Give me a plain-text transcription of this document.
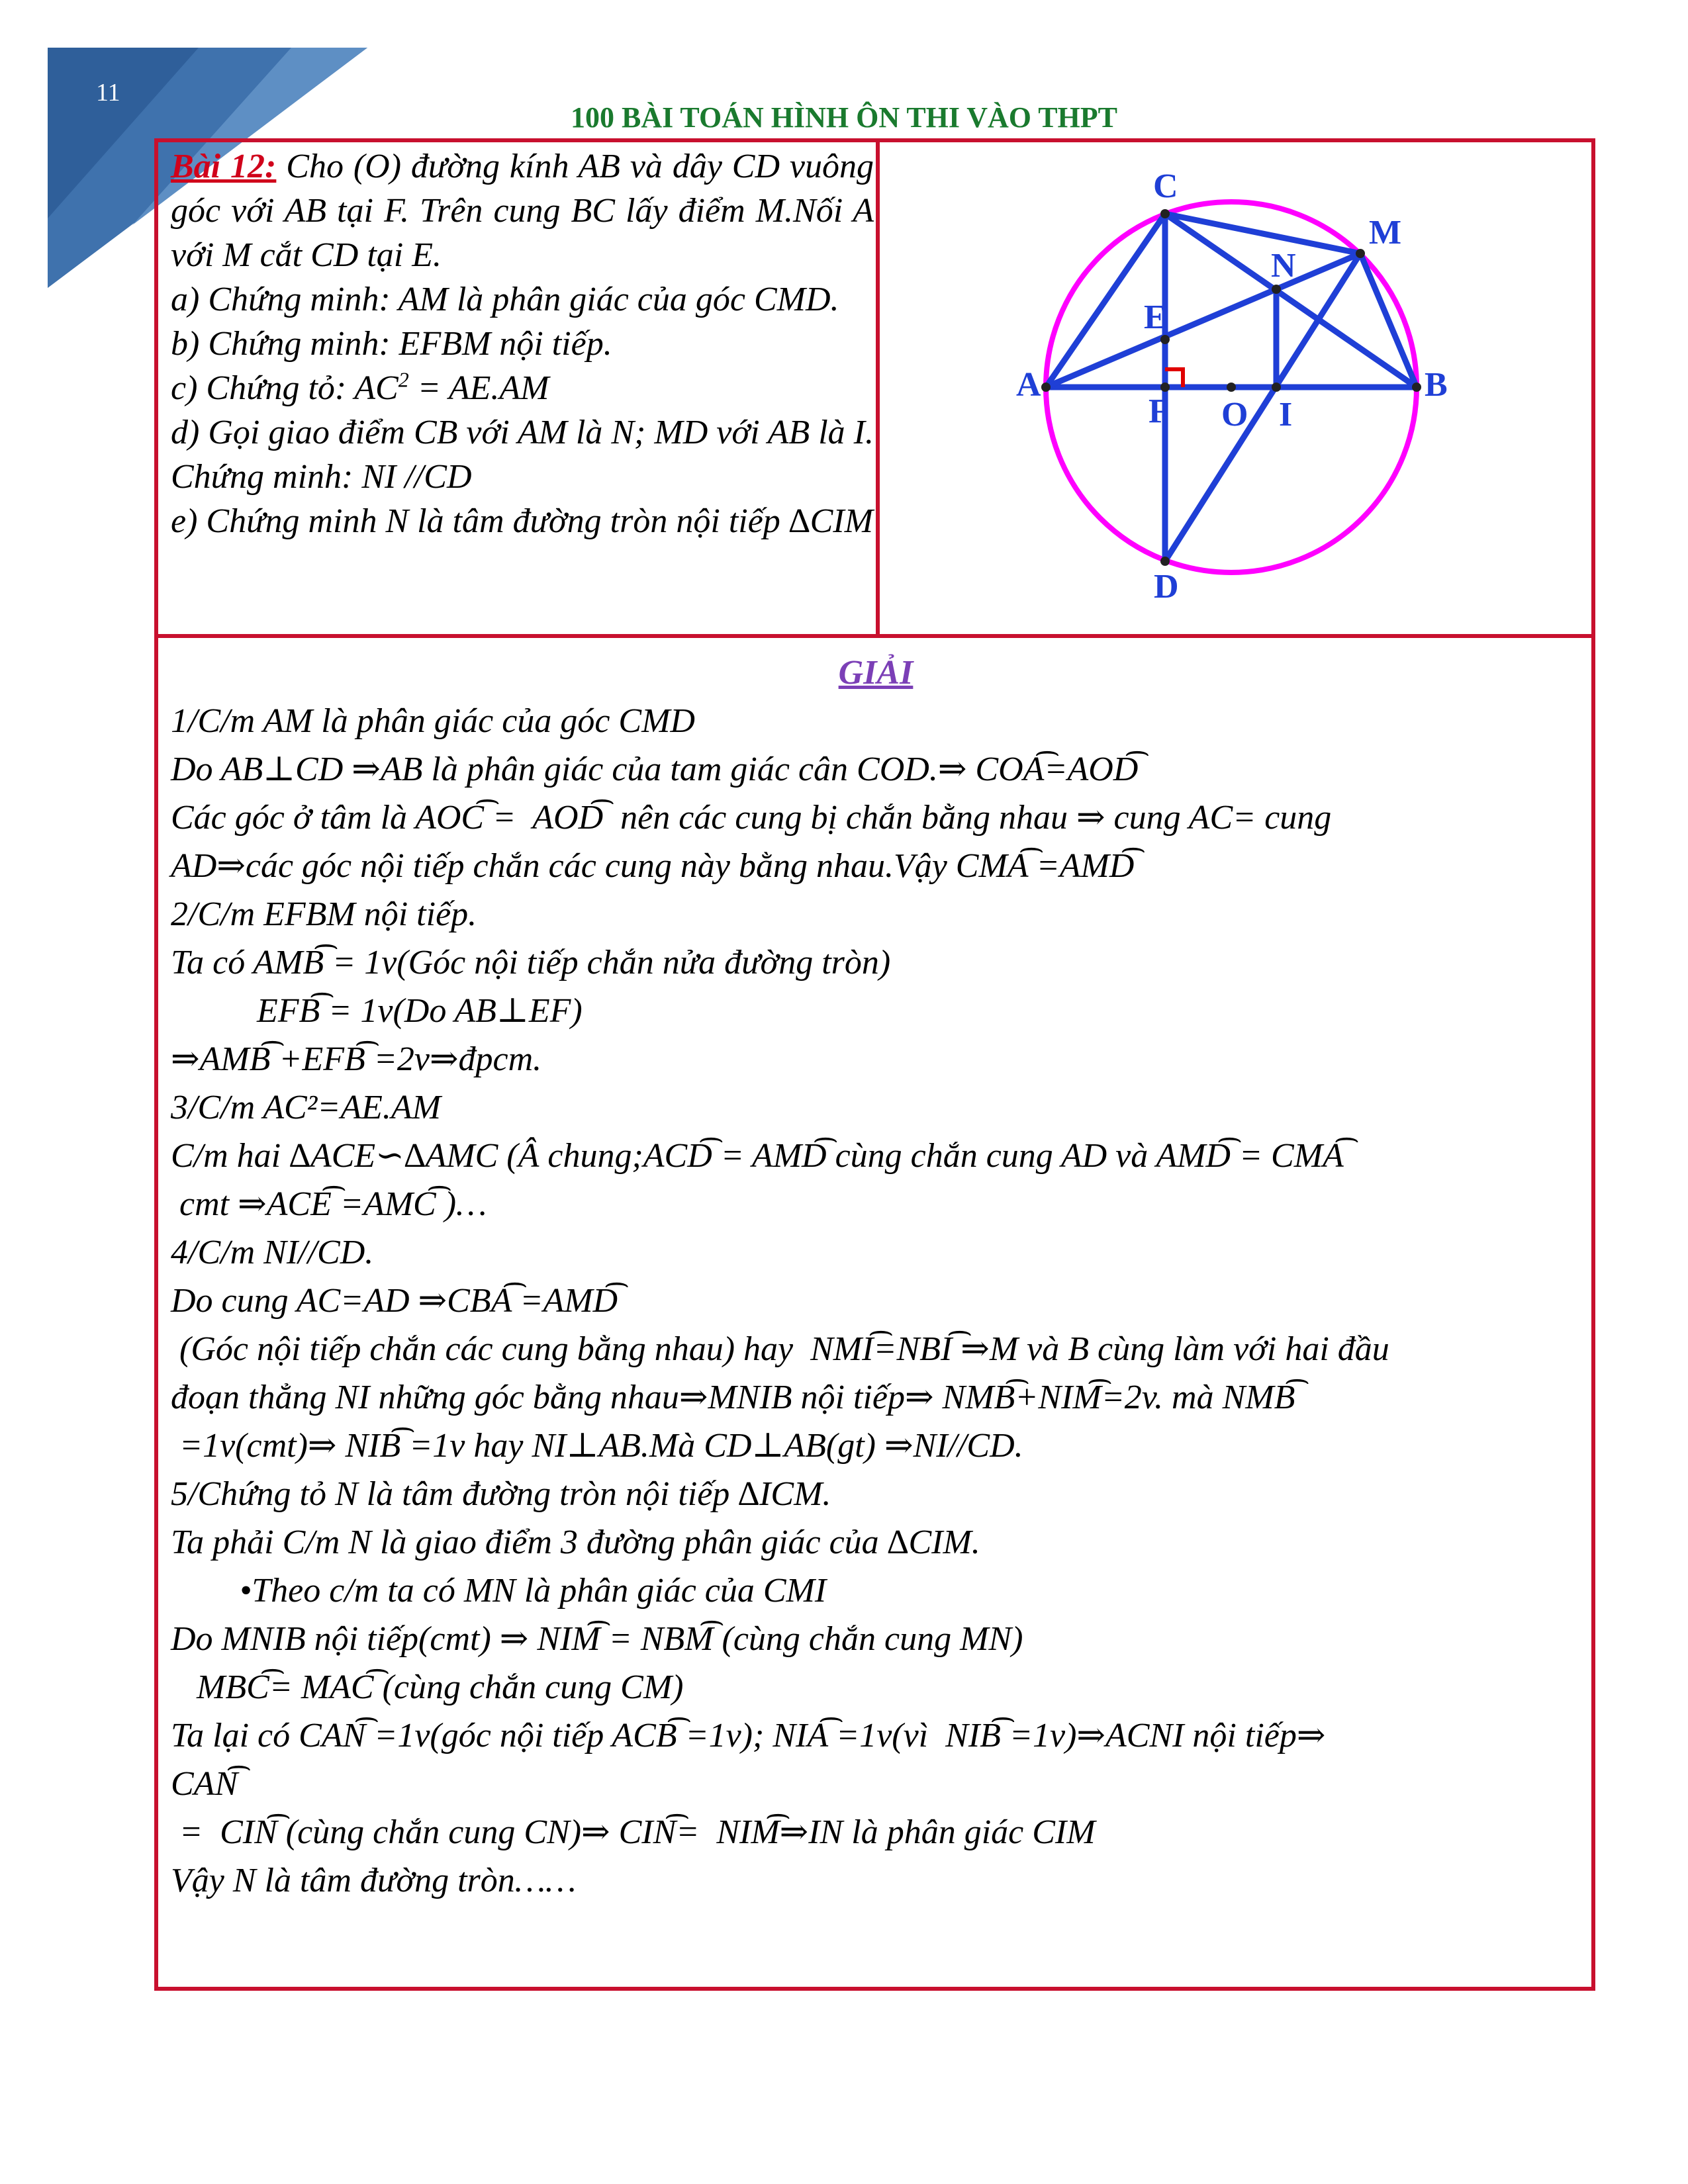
11
100 BÀI TOÁN HÌNH ÔN THI VÀO THPT

Bài 12: Cho (O) đường kính AB và dây CD vuông góc với AB tại F. Trên cung BC lấy điểm M.Nối A với M cắt CD tại E.

a) Chứng minh: AM là phân giác của góc CMD.

b) Chứng minh: EFBM nội tiếp.

c) Chứng tỏ: $AC^2 = AE.AM$

d) Gọi giao điểm CB với AM là N; MD với AB là I. Chứng minh: NI //CD

e) Chứng minh N là tâm đường tròn nội tiếp ∆CIM

C
M
N
E
A	B
F O I
D

GIẢI

1/C/m AM là phân giác của góc CMD

Do AB⊥CD ⇒AB là phân giác của tam giác cân COD.⇒ COA͡=AOD͡

Các góc ở tâm là AOC͡ =  AOD͡  nên các cung bị chắn bằng nhau ⇒ cung AC= cung

AD⇒các góc nội tiếp chắn các cung này bằng nhau.Vậy CMA͡ =AMD͡

2/C/m EFBM nội tiếp.

Ta có AMB͡ = 1v(Góc nội tiếp chắn nửa đường tròn)

EFB͡ = 1v(Do AB⊥EF)

⇒AMB͡ +EFB͡ =2v⇒đpcm.

3/C/m AC²=AE.AM

C/m hai ∆ACE∽∆AMC (Â chung;ACD͡ = AMD͡ cùng chắn cung AD và AMD͡ = CMA͡

cmt ⇒ACE͡ =AMC͡ )…

4/C/m NI//CD.

Do cung AC=AD ⇒CBA͡ =AMD͡

(Góc nội tiếp chắn các cung bằng nhau) hay  NMI͡=NBI͡ ⇒M và B cùng làm với hai đầu

đoạn thẳng NI những góc bằng nhau⇒MNIB nội tiếp⇒ NMB͡+NIM͡=2v. mà NMB͡

=1v(cmt)⇒ NIB͡ =1v hay NI⊥AB.Mà CD⊥AB(gt) ⇒NI//CD.

5/Chứng tỏ N là tâm đường tròn nội tiếp ∆ICM.

Ta phải C/m N là giao điểm 3 đường phân giác của ∆CIM.

•Theo c/m ta có MN là phân giác của CMI

Do MNIB nội tiếp(cmt) ⇒ NIM͡ = NBM͡ (cùng chắn cung MN)

MBC͡= MAC͡ (cùng chắn cung CM)

Ta lại có CAN͡ =1v(góc nội tiếp ACB͡ =1v); NIA͡ =1v(vì  NIB͡ =1v)⇒ACNI nội tiếp⇒

CAN͡

=  CIN͡ (cùng chắn cung CN)⇒ CIN͡=  NIM͡⇒IN là phân giác CIM

Vậy N là tâm đường tròn……
